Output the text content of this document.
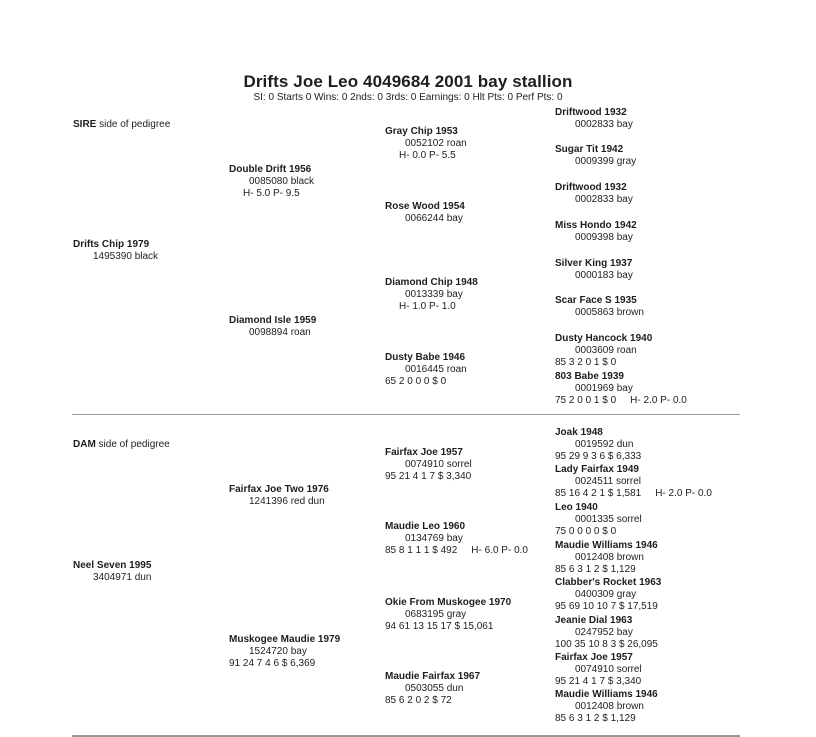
Drifts Joe Leo 4049684 2001 bay stallion
SI: 0 Starts 0 Wins: 0 2nds: 0 3rds: 0 Earnings: 0 Hlt Pts: 0 Perf Pts: 0
SIRE side of pedigree
Drifts Chip 1979
1495390 black
Double Drift 1956
0085080 black
H- 5.0 P- 9.5
Diamond Isle 1959
0098894 roan
Gray Chip 1953
0052102 roan
H- 0.0 P- 5.5
Rose Wood 1954
0066244 bay
Diamond Chip 1948
0013339 bay
H- 1.0 P- 1.0
Dusty Babe 1946
0016445 roan
65 2 0 0 0 $ 0
Driftwood 1932
0002833 bay
Sugar Tit 1942
0009399 gray
Driftwood 1932
0002833 bay
Miss Hondo 1942
0009398 bay
Silver King 1937
0000183 bay
Scar Face S 1935
0005863 brown
Dusty Hancock 1940
0003609 roan
85 3 2 0 1 $ 0
803 Babe 1939
0001969 bay
75 2 0 0 1 $ 0 H- 2.0 P- 0.0
DAM side of pedigree
Neel Seven 1995
3404971 dun
Fairfax Joe Two 1976
1241396 red dun
Muskogee Maudie 1979
1524720 bay
91 24 7 4 6 $ 6,369
Fairfax Joe 1957
0074910 sorrel
95 21 4 1 7 $ 3,340
Maudie Leo 1960
0134769 bay
85 8 1 1 1 $ 492 H- 6.0 P- 0.0
Okie From Muskogee 1970
0683195 gray
94 61 13 15 17 $ 15,061
Maudie Fairfax 1967
0503055 dun
85 6 2 0 2 $ 72
Joak 1948
0019592 dun
95 29 9 3 6 $ 6,333
Lady Fairfax 1949
0024511 sorrel
85 16 4 2 1 $ 1,581 H- 2.0 P- 0.0
Leo 1940
0001335 sorrel
75 0 0 0 0 $ 0
Maudie Williams 1946
0012408 brown
85 6 3 1 2 $ 1,129
Clabber's Rocket 1963
0400309 gray
95 69 10 10 7 $ 17,519
Jeanie Dial 1963
0247952 bay
100 35 10 8 3 $ 26,095
Fairfax Joe 1957
0074910 sorrel
95 21 4 1 7 $ 3,340
Maudie Williams 1946
0012408 brown
85 6 3 1 2 $ 1,129
